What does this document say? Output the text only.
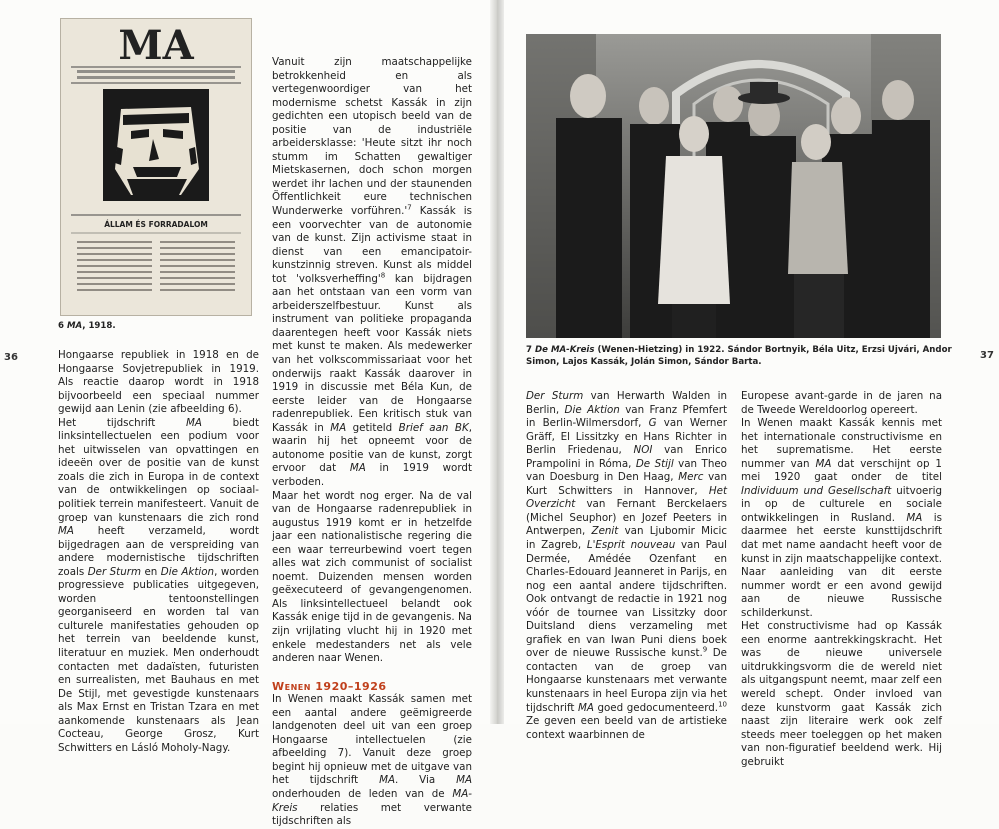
MA
ÁLLAM ÉS FORRADALOM
6 MA, 1918.
36	Hongaarse republiek in 1918 en de Hongaarse Sovjetrepubliek in 1919. Als reactie daarop wordt in 1918 bijvoorbeeld een speciaal nummer gewijd aan Lenin (zie afbeelding 6).

Het tijdschrift MA biedt linksintellectuelen een podium voor het uitwisselen van opvattingen en ideeën over de positie van de kunst zoals die zich in Europa in de context van de ontwikkelingen op sociaal-politiek terrein manifesteert. Vanuit de groep van kunstenaars die zich rond MA heeft verzameld, wordt bijgedragen aan de verspreiding van andere modernistische tijdschriften zoals Der Sturm en Die Aktion, worden progressieve publicaties uitgegeven, worden tentoonstellingen georganiseerd en worden tal van culturele manifestaties gehouden op het terrein van beeldende kunst, literatuur en muziek. Men onderhoudt contacten met dadaïsten, futuristen en surrealisten, met Bauhaus en met De Stijl, met gevestigde kunstenaars als Max Ernst en Tristan Tzara en met aankomende kunstenaars als Jean Cocteau, George Grosz, Kurt Schwitters en Lásló Moholy-Nagy.

Vanuit zijn maatschappelijke betrokkenheid en als vertegenwoordiger van het modernisme schetst Kassák in zijn gedichten een utopisch beeld van de positie van de industriële arbeidersklasse: 'Heute sitzt ihr noch stumm im Schatten gewaltiger Mietskasernen, doch schon morgen werdet ihr lachen und der staunenden Öffentlichkeit eure technischen Wunderwerke $vorführen.'^7$ Kassák is een voorvechter van de autonomie van de kunst. Zijn activisme staat in dienst van een emancipatoir-kunstzinnig streven. Kunst als middel tot '$volksverheffing'^8$ kan bijdragen aan het ontstaan van een vorm van arbeiderszelfbestuur. Kunst als instrument van politieke propaganda daarentegen heeft voor Kassák niets met kunst te maken. Als medewerker van het volkscommissariaat voor het onderwijs raakt Kassák daarover in 1919 in discussie met Béla Kun, de eerste leider van de Hongaarse radenrepubliek. Een kritisch stuk van Kassák in MA getiteld Brief aan BK, waarin hij het opneemt voor de autonome positie van de kunst, zorgt ervoor dat MA in 1919 wordt verboden.

Maar het wordt nog erger. Na de val van de Hongaarse radenrepubliek in augustus 1919 komt er in hetzelfde jaar een nationalistische regering die een waar terreurbewind voert tegen alles wat zich communist of socialist noemt. Duizenden mensen worden geëxecuteerd of gevangengenomen. Als linksintellectueel belandt ook Kassák enige tijd in de gevangenis. Na zijn vrijlating vlucht hij in 1920 met enkele medestanders net als vele anderen naar Wenen.

Wenen 1920–1926

In Wenen maakt Kassák samen met een aantal andere geëmigreerde landgenoten deel uit van een groep Hongaarse intellectuelen (zie afbeelding 7). Vanuit deze groep begint hij opnieuw met de uitgave van het tijdschrift MA. Via MA onderhouden de leden van de MA-Kreis relaties met verwante tijdschriften als

7 De MA-Kreis (Wenen-Hietzing) in 1922. Sándor Bortnyik, Béla Uitz, Erzsi Ujvári, Andor Simon, Lajos Kassák, Jolán Simon, Sándor Barta.
37

Der Sturm van Herwarth Walden in Berlin, Die Aktion van Franz Pfemfert in Berlin-Wilmersdorf, G van Werner Gräff, El Lissitzky en Hans Richter in Berlin Friedenau, NOI van Enrico Prampolini in Róma, De Stijl van Theo van Doesburg in Den Haag, Merc van Kurt Schwitters in Hannover, Het Overzicht van Fernant Berckelaers (Michel Seuphor) en Jozef Peeters in Antwerpen, Zenit van Ljubomir Micic in Zagreb, L'Esprit nouveau van Paul Dermée, Amédée Ozenfant en Charles-Edouard Jeanneret in Parijs, en nog een aantal andere tijdschriften. Ook ontvangt de redactie in 1921 nog vóór de tournee van Lissitzky door Duitsland diens verzameling met grafiek en van Iwan Puni diens boek over de nieuwe Russische kunst.$^9$ De contacten van de groep van Hongaarse kunstenaars met verwante kunstenaars in heel Europa zijn via het tijdschrift MA goed gedocumenteerd.$^{10}$ Ze geven een beeld van de artistieke context waarbinnen de

Europese avant-garde in de jaren na de Tweede Wereldoorlog opereert.

In Wenen maakt Kassák kennis met het internationale constructivisme en het suprematisme. Het eerste nummer van MA dat verschijnt op 1 mei 1920 gaat onder de titel Individuum und Gesellschaft uitvoerig in op de culturele en sociale ontwikkelingen in Rusland. MA is daarmee het eerste kunsttijdschrift dat met name aandacht heeft voor de kunst in zijn maatschappelijke context. Naar aanleiding van dit eerste nummer wordt er een avond gewijd aan de nieuwe Russische schilderkunst.

Het constructivisme had op Kassák een enorme aantrekkingskracht. Het was de nieuwe universele uitdrukkingsvorm die de wereld niet als uitgangspunt neemt, maar zelf een wereld schept. Onder invloed van deze kunstvorm gaat Kassák zich naast zijn literaire werk ook zelf steeds meer toeleggen op het maken van non-figuratief beeldend werk. Hij gebruikt
